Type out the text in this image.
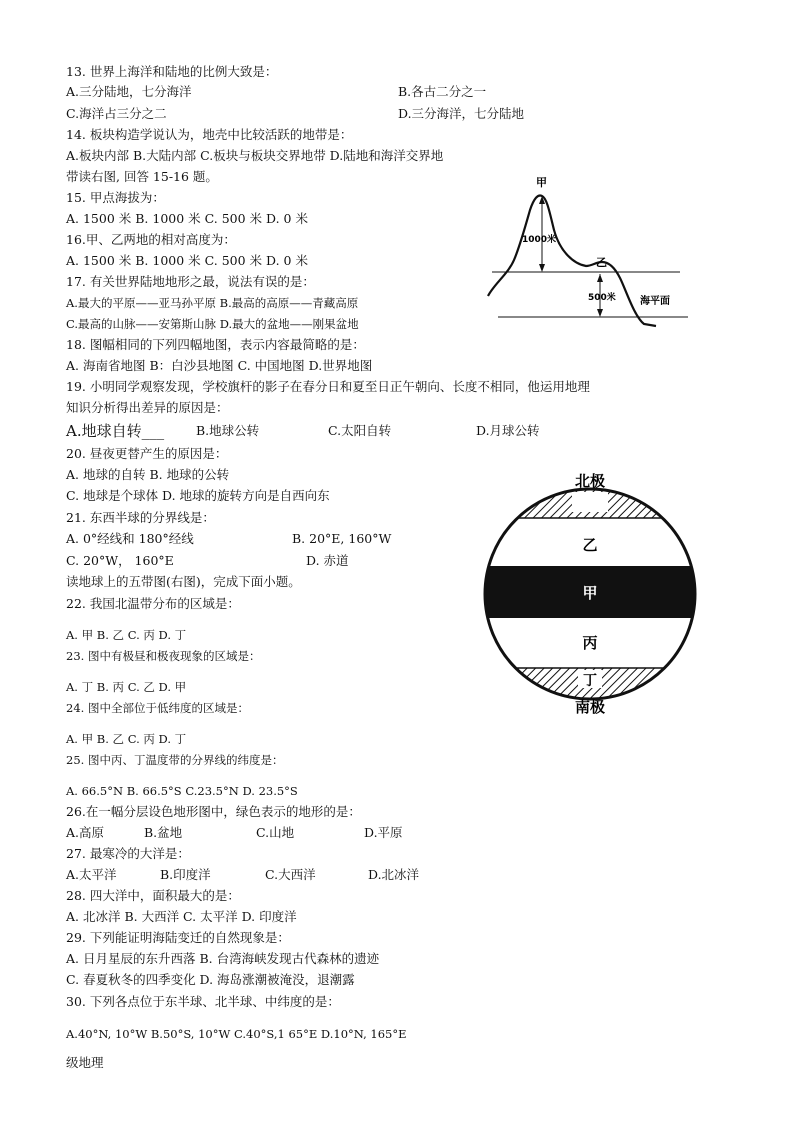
13. 世界上海洋和陆地的比例大致是：
A.三分陆地，七分海洋	B.各古二分之一
C.海洋占三分之二	D.三分海洋，七分陆地
14. 板块构造学说认为，地壳中比较活跃的地带是：
A.板块内部 B.大陆内部 C.板块与板块交界地带 D.陆地和海洋交界地
带读右图, 回答 15-16 题。
15. 甲点海拔为：
A. 1500 米 B. 1000 米 C. 500 米 D. 0 米
16.甲、乙两地的相对高度为：
A. 1500 米 B. 1000 米 C. 500 米 D. 0 米
17. 有关世界陆地地形之最，说法有误的是：
A.最大的平原——亚马孙平原 B.最高的高原——青藏高原
C.最高的山脉——安第斯山脉 D.最大的盆地——刚果盆地
18. 图幅相同的下列四幅地图，表示内容最简略的是：
A. 海南省地图 B：白沙县地图 C. 中国地图 D.世界地图
19. 小明同学观察发现，学校旗杆的影子在春分日和夏至日正午朝向、长度不相同，他运用地理
知识分析得出差异的原因是：
A.地球自转___	B.地球公转	C.太阳自转	D.月球公转
20. 昼夜更替产生的原因是：
A. 地球的自转 B. 地球的公转
C. 地球是个球体 D. 地球的旋转方向是自西向东
21. 东西半球的分界线是：
A. 0°经线和 180°经线	B. 20°E, 160°W
C. 20°W， 160°E	D. 赤道
读地球上的五带图(右图)，完成下面小题。
22. 我国北温带分布的区域是：
A. 甲 B. 乙 C. 丙 D. 丁
23. 图中有极昼和极夜现象的区域是：
A. 丁 B. 丙 C. 乙 D. 甲
24. 图中全部位于低纬度的区域是：
A. 甲 B. 乙 C. 丙 D. 丁
25. 图中丙、丁温度带的分界线的纬度是：
A. 66.5°N B. 66.5°S C.23.5°N D. 23.5°S
26.在一幅分层设色地形图中，绿色表示的地形的是：
A.高原	B.盆地	C.山地	D.平原
27. 最寒冷的大洋是：
A.太平洋	B.印度洋	C.大西洋	D.北冰洋
28. 四大洋中，面积最大的是：
A. 北冰洋 B. 大西洋 C. 太平洋 D. 印度洋
29. 下列能证明海陆变迁的自然现象是：
A. 日月星辰的东升西落 B. 台湾海峡发现古代森林的遗迹
C. 春夏秋冬的四季变化 D. 海岛涨潮被淹没，退潮露
30. 下列各点位于东半球、北半球、中纬度的是：
A.40°N, 10°W B.50°S, 10°W C.40°S,1 65°E D.10°N, 165°E
级地理
甲
1000米
乙
500米 海平面
北极
乙
甲
丙
丁
南极
